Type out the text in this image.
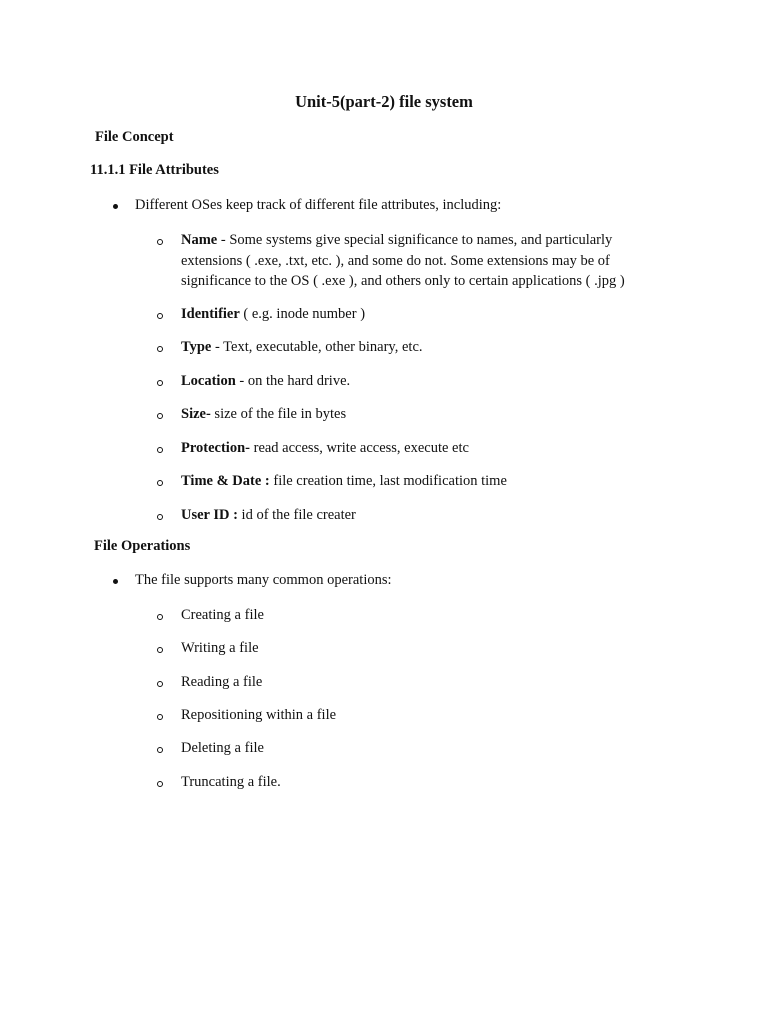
Unit-5(part-2) file system
File Concept
11.1.1 File Attributes
Different OSes keep track of different file attributes, including:
Name - Some systems give special significance to names, and particularly extensions ( .exe, .txt, etc. ), and some do not. Some extensions may be of significance to the OS ( .exe ), and others only to certain applications ( .jpg )
Identifier ( e.g. inode number )
Type - Text, executable, other binary, etc.
Location - on the hard drive.
Size- size of the file in bytes
Protection- read access, write access, execute etc
Time & Date : file creation time, last modification time
User ID : id of the file creater
File Operations
The file supports many common operations:
Creating a file
Writing a file
Reading a file
Repositioning within a file
Deleting a file
Truncating a file.
